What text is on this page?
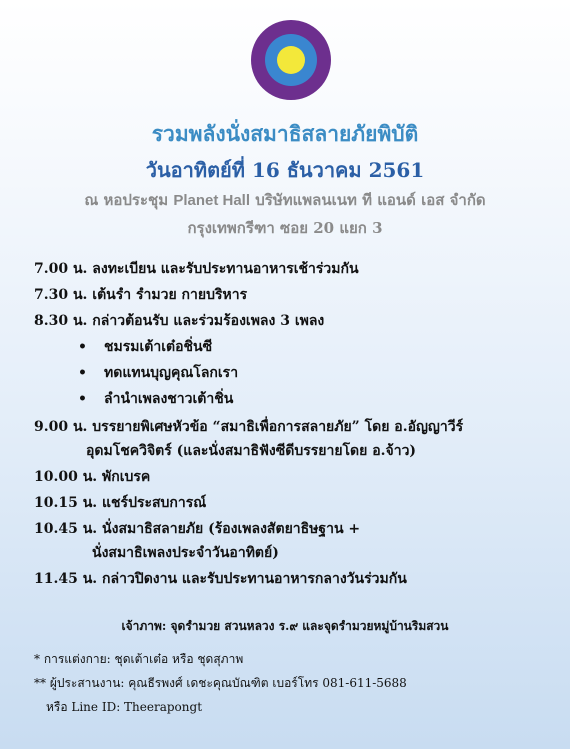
รวมพลังนั่งสมาธิสลายภัยพิบัติ
วันอาทิตย์ที่ 16 ธันวาคม 2561
ณ หอประชุม Planet Hall บริษัทแพลนเนท ที แอนด์ เอส จำกัด
กรุงเทพกรีฑา ซอย 20 แยก 3
7.00 น. ลงทะเบียน และรับประทานอาหารเช้าร่วมกัน
7.30 น. เต้นรำ รำมวย กายบริหาร
8.30 น. กล่าวต้อนรับ และร่วมร้องเพลง 3 เพลง
• ชมรมเต้าเต๋อชิ่นซี
• ทดแทนบุญคุณโลกเรา
• ลำนำเพลงชาวเต้าชิ่น
9.00 น. บรรยายพิเศษหัวข้อ “สมาธิเพื่อการสลายภัย” โดย อ.อัญญาวีร์
อุดมโชควิจิตร์ (และนั่งสมาธิฟังซีดีบรรยายโดย อ.จ้าว)
10.00 น. พักเบรค
10.15 น. แชร์ประสบการณ์
10.45 น. นั่งสมาธิสลายภัย (ร้องเพลงสัตยาธิษฐาน +
นั่งสมาธิเพลงประจำวันอาทิตย์)
11.45 น. กล่าวปิดงาน และรับประทานอาหารกลางวันร่วมกัน
เจ้าภาพ: จุดรำมวย สวนหลวง ร.๙ และจุดรำมวยหมู่บ้านริมสวน
* การแต่งกาย: ชุดเต้าเต๋อ หรือ ชุดสุภาพ
** ผู้ประสานงาน: คุณธีรพงศ์ เดชะคุณบัณฑิต เบอร์โทร 081-611-5688
หรือ Line ID: Theerapongt
